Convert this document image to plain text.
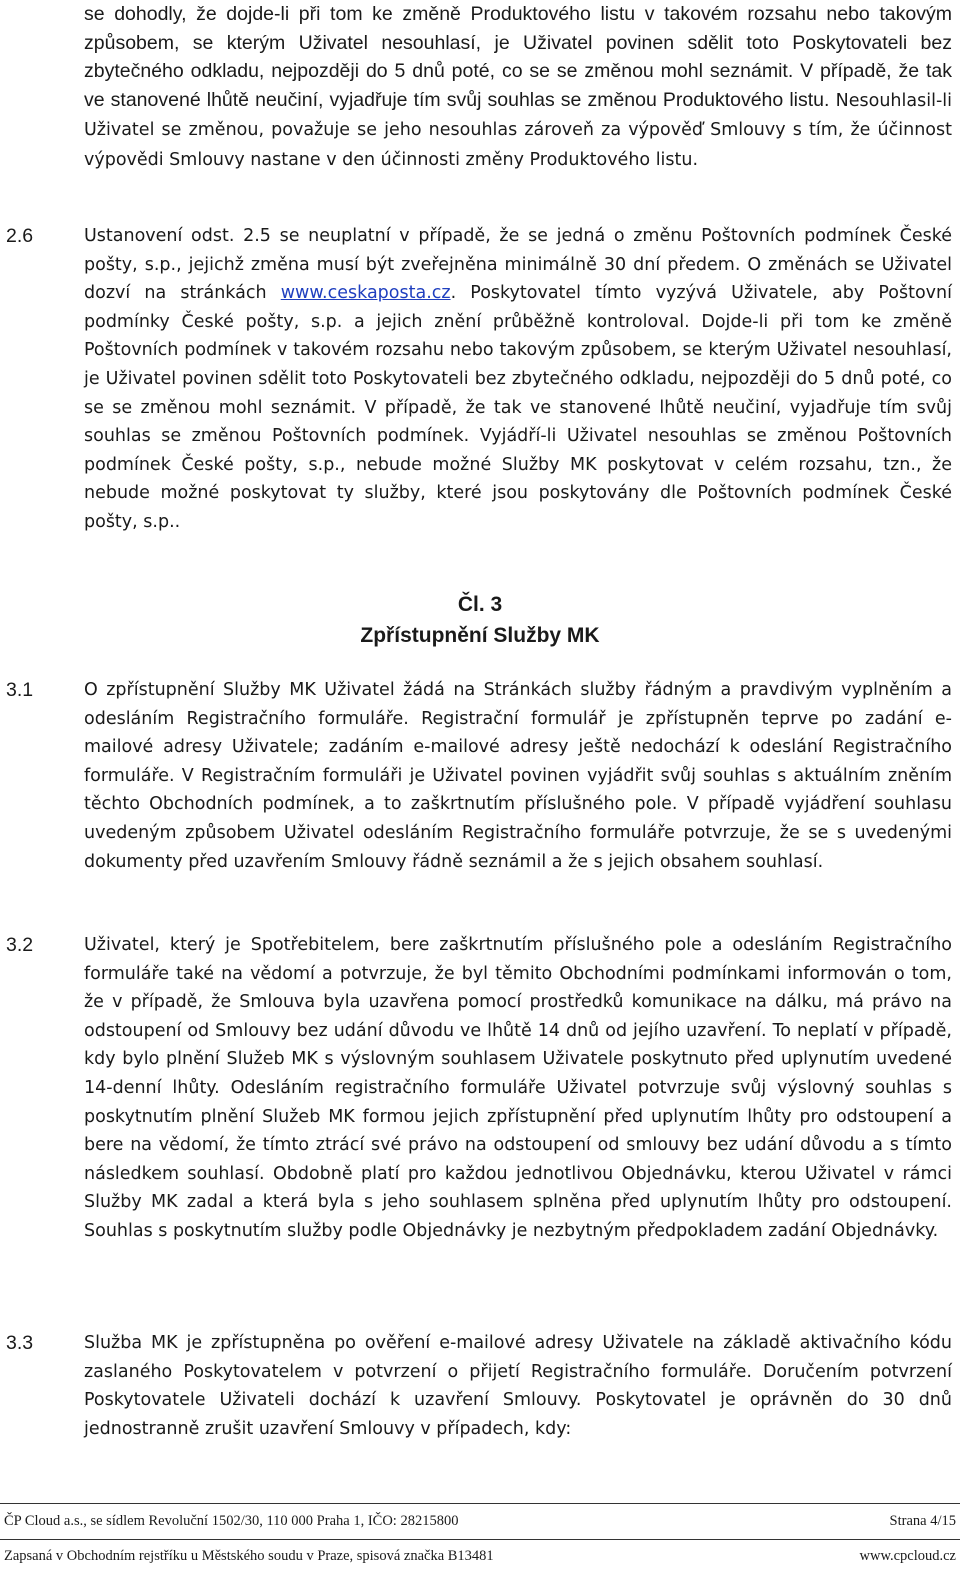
se dohodly, že dojde-li při tom ke změně Produktového listu v takovém rozsahu nebo takovým způsobem, se kterým Uživatel nesouhlasí, je Uživatel povinen sdělit toto Poskytovateli bez zbytečného odkladu, nejpozději do 5 dnů poté, co se se změnou mohl seznámit. V případě, že tak ve stanovené lhůtě neučiní, vyjadřuje tím svůj souhlas se změnou Produktového listu. Nesouhlasil-li Uživatel se změnou, považuje se jeho nesouhlas zároveň za výpověď Smlouvy s tím, že účinnost výpovědi Smlouvy nastane v den účinnosti změny Produktového listu.

2.6	Ustanovení odst. 2.5 se neuplatní v případě, že se jedná o změnu Poštovních podmínek České pošty, s.p., jejichž změna musí být zveřejněna minimálně 30 dní předem. O změnách se Uživatel dozví na stránkách www.ceskaposta.cz. Poskytovatel tímto vyzývá Uživatele, aby Poštovní podmínky České pošty, s.p. a jejich znění průběžně kontroloval. Dojde-li při tom ke změně Poštovních podmínek v takovém rozsahu nebo takovým způsobem, se kterým Uživatel nesouhlasí, je Uživatel povinen sdělit toto Poskytovateli bez zbytečného odkladu, nejpozději do 5 dnů poté, co se se změnou mohl seznámit. V případě, že tak ve stanovené lhůtě neučiní, vyjadřuje tím svůj souhlas se změnou Poštovních podmínek. Vyjádří-li Uživatel nesouhlas se změnou Poštovních podmínek České pošty, s.p., nebude možné Služby MK poskytovat v celém rozsahu, tzn., že nebude možné poskytovat ty služby, které jsou poskytovány dle Poštovních podmínek České pošty, s.p..

Čl. 3
Zpřístupnění Služby MK
3.1	O zpřístupnění Služby MK Uživatel žádá na Stránkách služby řádným a pravdivým vyplněním a odesláním Registračního formuláře. Registrační formulář je zpřístupněn teprve po zadání e-mailové adresy Uživatele; zadáním e-mailové adresy ještě nedochází k odeslání Registračního formuláře. V Registračním formuláři je Uživatel povinen vyjádřit svůj souhlas s aktuálním zněním těchto Obchodních podmínek, a to zaškrtnutím příslušného pole. V případě vyjádření souhlasu uvedeným způsobem Uživatel odesláním Registračního formuláře potvrzuje, že se s uvedenými dokumenty před uzavřením Smlouvy řádně seznámil a že s jejich obsahem souhlasí.

3.2	Uživatel, který je Spotřebitelem, bere zaškrtnutím příslušného pole a odesláním Registračního formuláře také na vědomí a potvrzuje, že byl těmito Obchodními podmínkami informován o tom, že v případě, že Smlouva byla uzavřena pomocí prostředků komunikace na dálku, má právo na odstoupení od Smlouvy bez udání důvodu ve lhůtě 14 dnů od jejího uzavření. To neplatí v případě, kdy bylo plnění Služeb MK s výslovným souhlasem Uživatele poskytnuto před uplynutím uvedené 14-denní lhůty. Odesláním registračního formuláře Uživatel potvrzuje svůj výslovný souhlas s poskytnutím plnění Služeb MK formou jejich zpřístupnění před uplynutím lhůty pro odstoupení a bere na vědomí, že tímto ztrácí své právo na odstoupení od smlouvy bez udání důvodu a s tímto následkem souhlasí. Obdobně platí pro každou jednotlivou Objednávku, kterou Uživatel v rámci Služby MK zadal a která byla s jeho souhlasem splněna před uplynutím lhůty pro odstoupení. Souhlas s poskytnutím služby podle Objednávky je nezbytným předpokladem zadání Objednávky.

3.3	Služba MK je zpřístupněna po ověření e-mailové adresy Uživatele na základě aktivačního kódu zaslaného Poskytovatelem v potvrzení o přijetí Registračního formuláře. Doručením potvrzení Poskytovatele Uživateli dochází k uzavření Smlouvy. Poskytovatel je oprávněn do 30 dnů jednostranně zrušit uzavření Smlouvy v případech, kdy:

ČP Cloud a.s., se sídlem Revoluční 1502/30, 110 000 Praha 1, IČO: 28215800	Strana 4/15
Zapsaná v Obchodním rejstříku u Městského soudu v Praze, spisová značka B13481	www.cpcloud.cz
